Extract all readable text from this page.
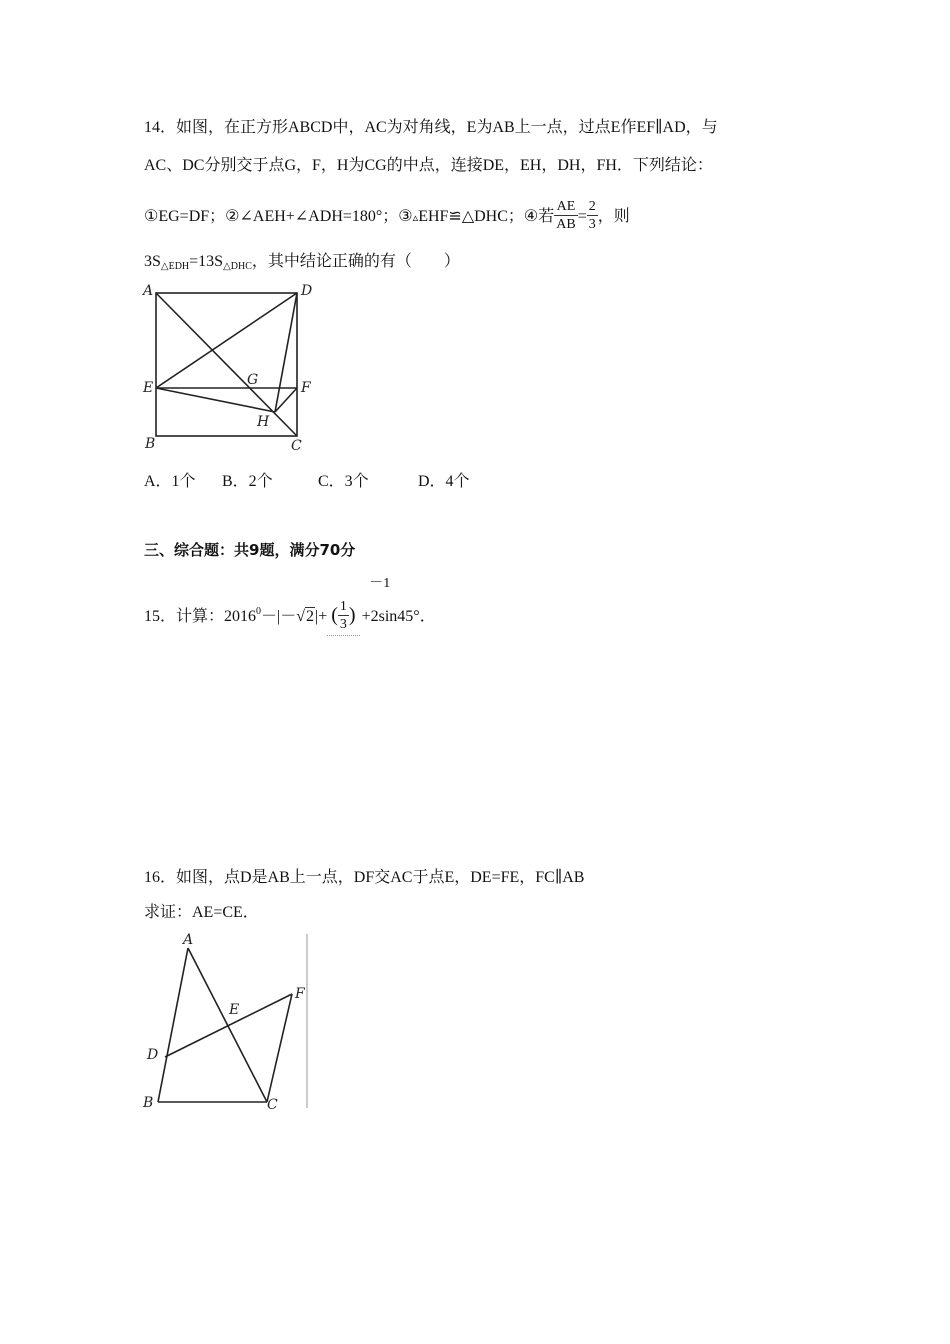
14．如图，在正方形ABCD中，AC为对角线，E为AB上一点，过点E作EF∥AD，与
AC、DC分别交于点G，F，H为CG的中点，连接DE，EH，DH，FH．下列结论：
①EG=DF；②∠AEH+∠ADH=180°；③▵EHF≌△DHC；④若 $\frac{AE}{AB} = \frac{2}{3}$ ，则
$3S_{\triangle EDH}=13S_{\triangle DHC}$，其中结论正确的有（　　）
A	D
E	G	F
H
B	C
A．1个 B．2个	C．3个	D．4个
三、综合题：共9题，满分70分
15．计算：$2016^0-|-√2|+$ ( $\frac{1}{3}$ )
－1
+2sin45°．
16．如图，点D是AB上一点，DF交AC于点E，DE=FE，FC∥AB
求证：AE=CE．
A
E
F
D
B	C
